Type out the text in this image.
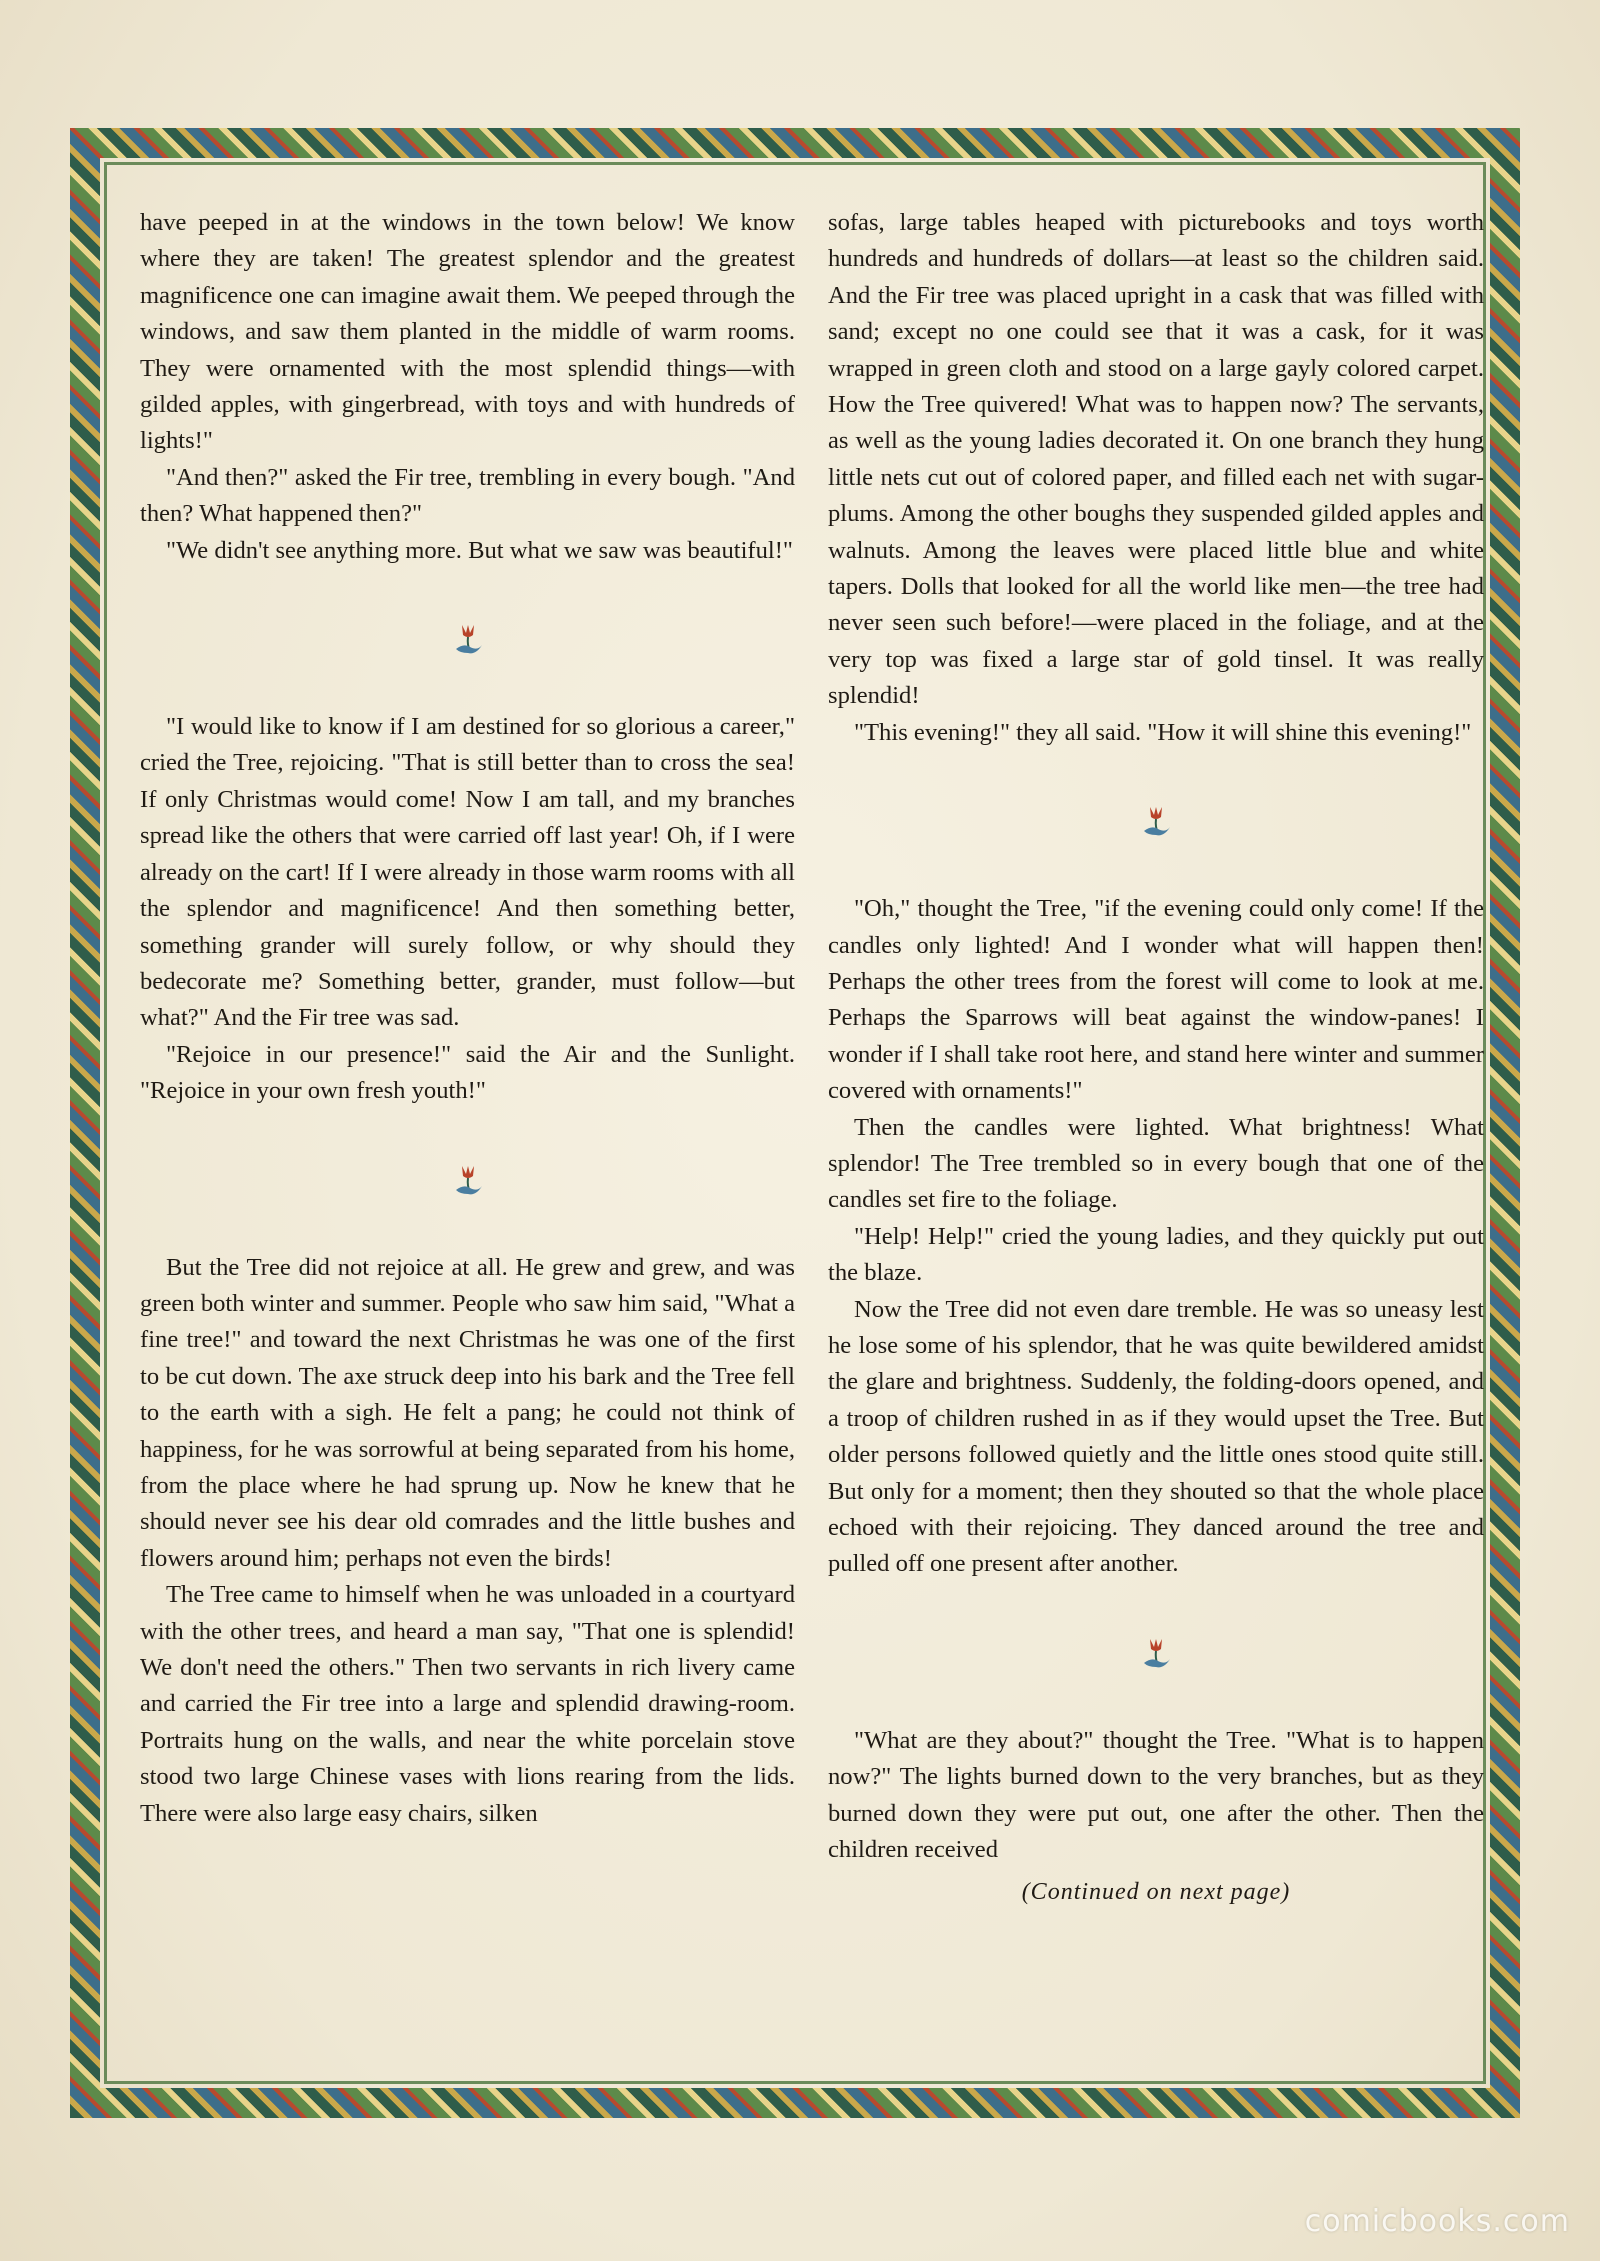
have peeped in at the windows in the town below! We know where they are taken! The greatest splendor and the greatest magnificence one can imagine await them. We peeped through the windows, and saw them planted in the middle of warm rooms. They were ornamented with the most splendid things—with gilded apples, with gingerbread, with toys and with hundreds of lights!"

"And then?" asked the Fir tree, trembling in every bough. "And then? What happened then?"

"We didn't see anything more. But what we saw was beautiful!"

"I would like to know if I am destined for so glorious a career," cried the Tree, rejoicing. "That is still better than to cross the sea! If only Christmas would come! Now I am tall, and my branches spread like the others that were carried off last year! Oh, if I were already on the cart! If I were already in those warm rooms with all the splendor and magnificence! And then something better, something grander will surely follow, or why should they bedecorate me? Something better, grander, must follow—but what?" And the Fir tree was sad.

"Rejoice in our presence!" said the Air and the Sunlight. "Rejoice in your own fresh youth!"

But the Tree did not rejoice at all. He grew and grew, and was green both winter and summer. People who saw him said, "What a fine tree!" and toward the next Christmas he was one of the first to be cut down. The axe struck deep into his bark and the Tree fell to the earth with a sigh. He felt a pang; he could not think of happiness, for he was sorrowful at being separated from his home, from the place where he had sprung up. Now he knew that he should never see his dear old comrades and the little bushes and flowers around him; perhaps not even the birds!

The Tree came to himself when he was unloaded in a courtyard with the other trees, and heard a man say, "That one is splendid! We don't need the others." Then two servants in rich livery came and carried the Fir tree into a large and splendid drawing-room. Portraits hung on the walls, and near the white porcelain stove stood two large Chinese vases with lions rearing from the lids. There were also large easy chairs, silken

sofas, large tables heaped with picturebooks and toys worth hundreds and hundreds of dollars—at least so the children said. And the Fir tree was placed upright in a cask that was filled with sand; except no one could see that it was a cask, for it was wrapped in green cloth and stood on a large gayly colored carpet. How the Tree quivered! What was to happen now? The servants, as well as the young ladies decorated it. On one branch they hung little nets cut out of colored paper, and filled each net with sugar-plums. Among the other boughs they suspended gilded apples and walnuts. Among the leaves were placed little blue and white tapers. Dolls that looked for all the world like men—the tree had never seen such before!—were placed in the foliage, and at the very top was fixed a large star of gold tinsel. It was really splendid!

"This evening!" they all said. "How it will shine this evening!"

"Oh," thought the Tree, "if the evening could only come! If the candles only lighted! And I wonder what will happen then! Perhaps the other trees from the forest will come to look at me. Perhaps the Sparrows will beat against the window-panes! I wonder if I shall take root here, and stand here winter and summer covered with ornaments!"

Then the candles were lighted. What brightness! What splendor! The Tree trembled so in every bough that one of the candles set fire to the foliage.

"Help! Help!" cried the young ladies, and they quickly put out the blaze.

Now the Tree did not even dare tremble. He was so uneasy lest he lose some of his splendor, that he was quite bewildered amidst the glare and brightness. Suddenly, the folding-doors opened, and a troop of children rushed in as if they would upset the Tree. But older persons followed quietly and the little ones stood quite still. But only for a moment; then they shouted so that the whole place echoed with their rejoicing. They danced around the tree and pulled off one present after another.

"What are they about?" thought the Tree. "What is to happen now?" The lights burned down to the very branches, but as they burned down they were put out, one after the other. Then the children received

(Continued on next page)
comicbooks.com
